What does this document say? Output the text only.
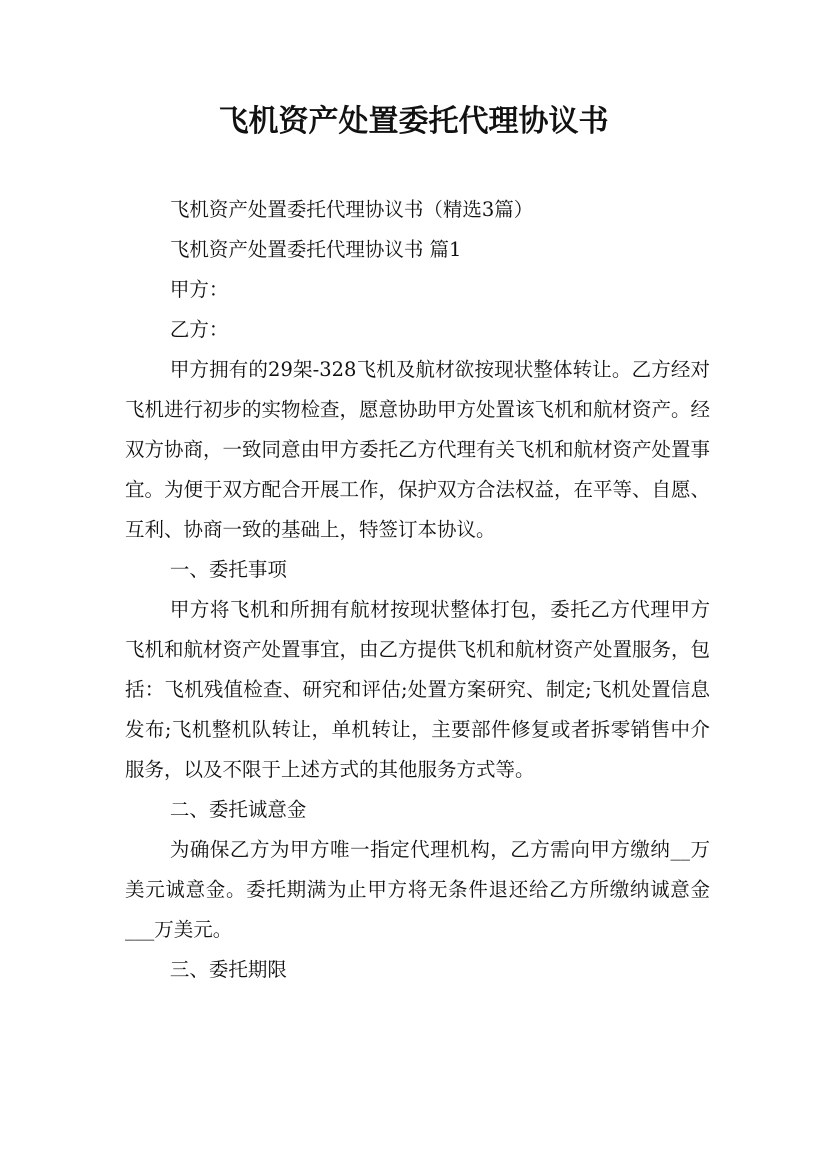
飞机资产处置委托代理协议书

飞机资产处置委托代理协议书（精选3篇）

飞机资产处置委托代理协议书 篇1

甲方：

乙方：

甲方拥有的29架-328飞机及航材欲按现状整体转让。乙方经对飞机进行初步的实物检查，愿意协助甲方处置该飞机和航材资产。经双方协商，一致同意由甲方委托乙方代理有关飞机和航材资产处置事宜。为便于双方配合开展工作，保护双方合法权益，在平等、自愿、互利、协商一致的基础上，特签订本协议。

一、委托事项

甲方将飞机和所拥有航材按现状整体打包，委托乙方代理甲方飞机和航材资产处置事宜，由乙方提供飞机和航材资产处置服务，包括：飞机残值检查、研究和评估;处置方案研究、制定;飞机处置信息发布;飞机整机队转让，单机转让，主要部件修复或者拆零销售中介服务，以及不限于上述方式的其他服务方式等。

二、委托诚意金

为确保乙方为甲方唯一指定代理机构，乙方需向甲方缴纳__万美元诚意金。委托期满为止甲方将无条件退还给乙方所缴纳诚意金___万美元。

三、委托期限
